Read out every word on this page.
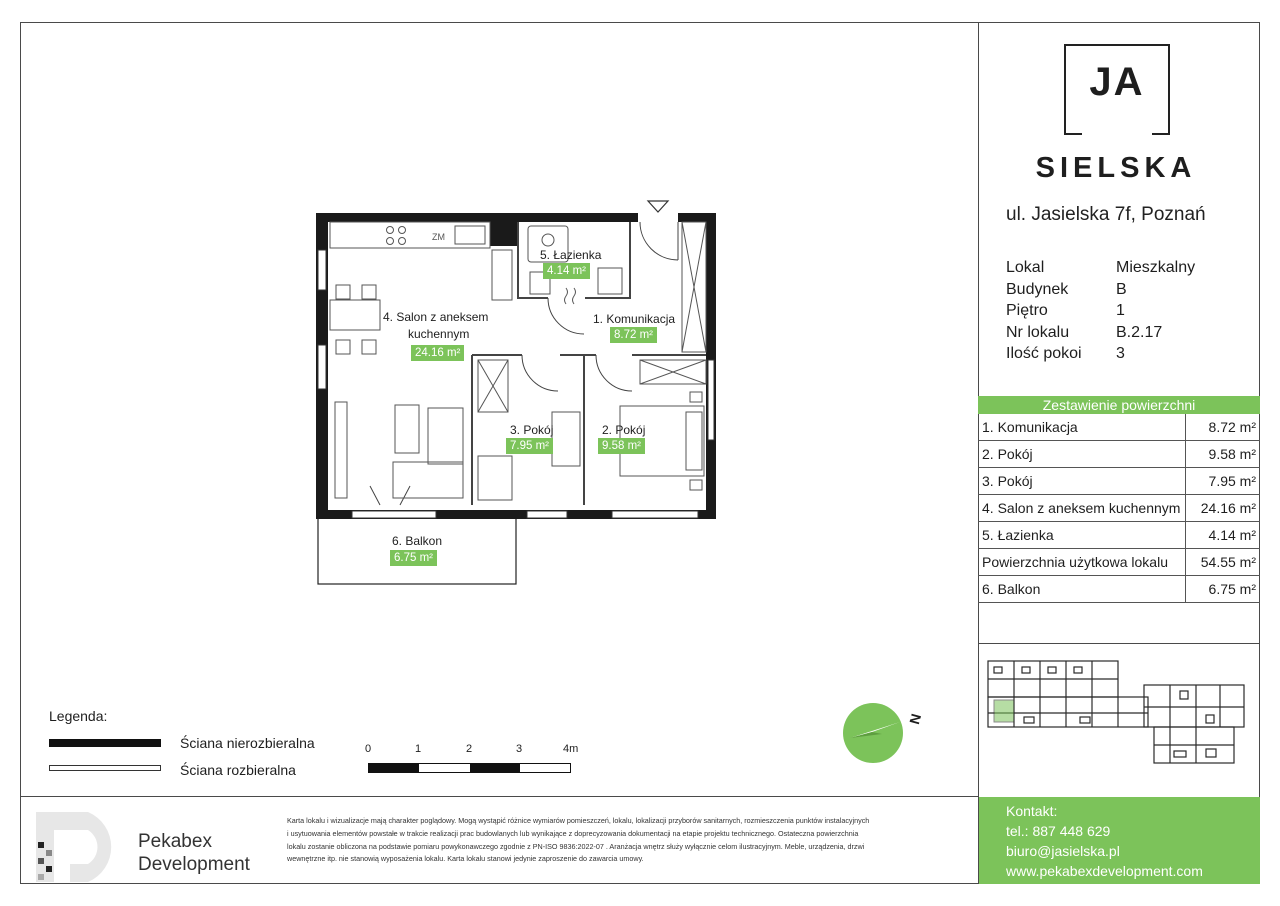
JA
SIELSKA
ul. Jasielska 7f, Poznań
Lokal	Mieszkalny
Budynek	B
Piętro	1
Nr lokalu	B.2.17
Ilość pokoi	3
Zestawienie powierzchni
1. Komunikacja	8.72 m²
2. Pokój	9.58 m²
3. Pokój	7.95 m²
4. Salon z aneksem kuchennym	24.16 m²
5. Łazienka	4.14 m²
Powierzchnia użytkowa lokalu	54.55 m²
6. Balkon	6.75 m²
Kontakt:
tel.: 887 448 629
biuro@jasielska.pl
www.pekabexdevelopment.com
Pekabex
Development
Karta lokalu i wizualizacje mają charakter poglądowy. Mogą wystąpić różnice wymiarów pomieszczeń, lokalu, lokalizacji przyborów sanitarnych, rozmieszczenia punktów instalacyjnych
i usytuowania elementów powstałe w trakcie realizacji prac budowlanych lub wynikające z doprecyzowania dokumentacji na etapie projektu technicznego. Ostateczna powierzchnia
lokalu zostanie obliczona na podstawie pomiaru powykonawczego zgodnie z PN-ISO 9836:2022-07 . Aranżacja wnętrz służy wyłącznie celom ilustracyjnym. Meble, urządzenia, drzwi
wewnętrzne itp. nie stanowią wyposażenia lokalu. Karta lokalu stanowi jedynie zaproszenie do zawarcia umowy.
Legenda:
Ściana nierozbieralna
Ściana rozbieralna
0	1	2	3	4m
N
ZM
5. Łazienka
4.14 m²
1. Komunikacja
8.72 m²
4. Salon z aneksem
kuchennym
24.16 m²
3. Pokój
7.95 m²
2. Pokój
9.58 m²
6. Balkon
6.75 m²
